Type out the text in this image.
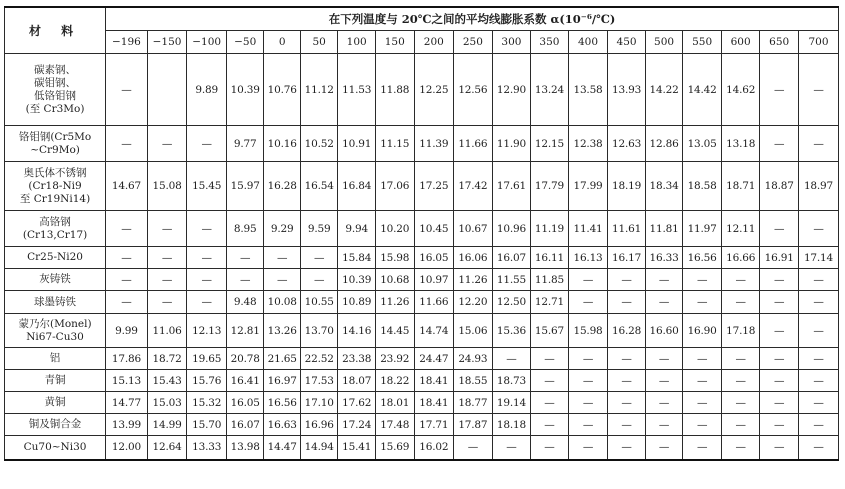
材 料	在下列温度与 20℃之间的平均线膨胀系数 α(10⁻⁶/℃)																		
	−196	−150	−100	−50	0	50	100	150	200	250	300	350	400	450	500	550	600	650	700

碳素钢、
碳钼钢、
低铬钼钢
(至 Cr3Mo)	—		9.89	10.39	10.76	11.12	11.53	11.88	12.25	12.56	12.90	13.24	13.58	13.93	14.22	14.42	14.62	—	—

铬钼钢(Cr5Mo
~Cr9Mo)	—	—	—	9.77	10.16	10.52	10.91	11.15	11.39	11.66	11.90	12.15	12.38	12.63	12.86	13.05	13.18	—	—

奥氏体不锈钢
(Cr18-Ni9
至 Cr19Ni14)	14.67	15.08	15.45	15.97	16.28	16.54	16.84	17.06	17.25	17.42	17.61	17.79	17.99	18.19	18.34	18.58	18.71	18.87	18.97

高铬钢
(Cr13,Cr17)	—	—	—	8.95	9.29	9.59	9.94	10.20	10.45	10.67	10.96	11.19	11.41	11.61	11.81	11.97	12.11	—	—

Cr25-Ni20	—	—	—	—	—	—	15.84	15.98	16.05	16.06	16.07	16.11	16.13	16.17	16.33	16.56	16.66	16.91	17.14

灰铸铁	—	—	—	—	—	—	10.39	10.68	10.97	11.26	11.55	11.85	—	—	—	—	—	—	—

球墨铸铁	—	—	—	9.48	10.08	10.55	10.89	11.26	11.66	12.20	12.50	12.71	—	—	—	—	—	—	—

蒙乃尔(Monel)
Ni67-Cu30	9.99	11.06	12.13	12.81	13.26	13.70	14.16	14.45	14.74	15.06	15.36	15.67	15.98	16.28	16.60	16.90	17.18	—	—

铝	17.86	18.72	19.65	20.78	21.65	22.52	23.38	23.92	24.47	24.93	—	—	—	—	—	—	—	—	—

青铜	15.13	15.43	15.76	16.41	16.97	17.53	18.07	18.22	18.41	18.55	18.73	—	—	—	—	—	—	—	—

黄铜	14.77	15.03	15.32	16.05	16.56	17.10	17.62	18.01	18.41	18.77	19.14	—	—	—	—	—	—	—	—

铜及铜合金	13.99	14.99	15.70	16.07	16.63	16.96	17.24	17.48	17.71	17.87	18.18	—	—	—	—	—	—	—	—

Cu70~Ni30	12.00	12.64	13.33	13.98	14.47	14.94	15.41	15.69	16.02	—	—	—	—	—	—	—	—	—	—
